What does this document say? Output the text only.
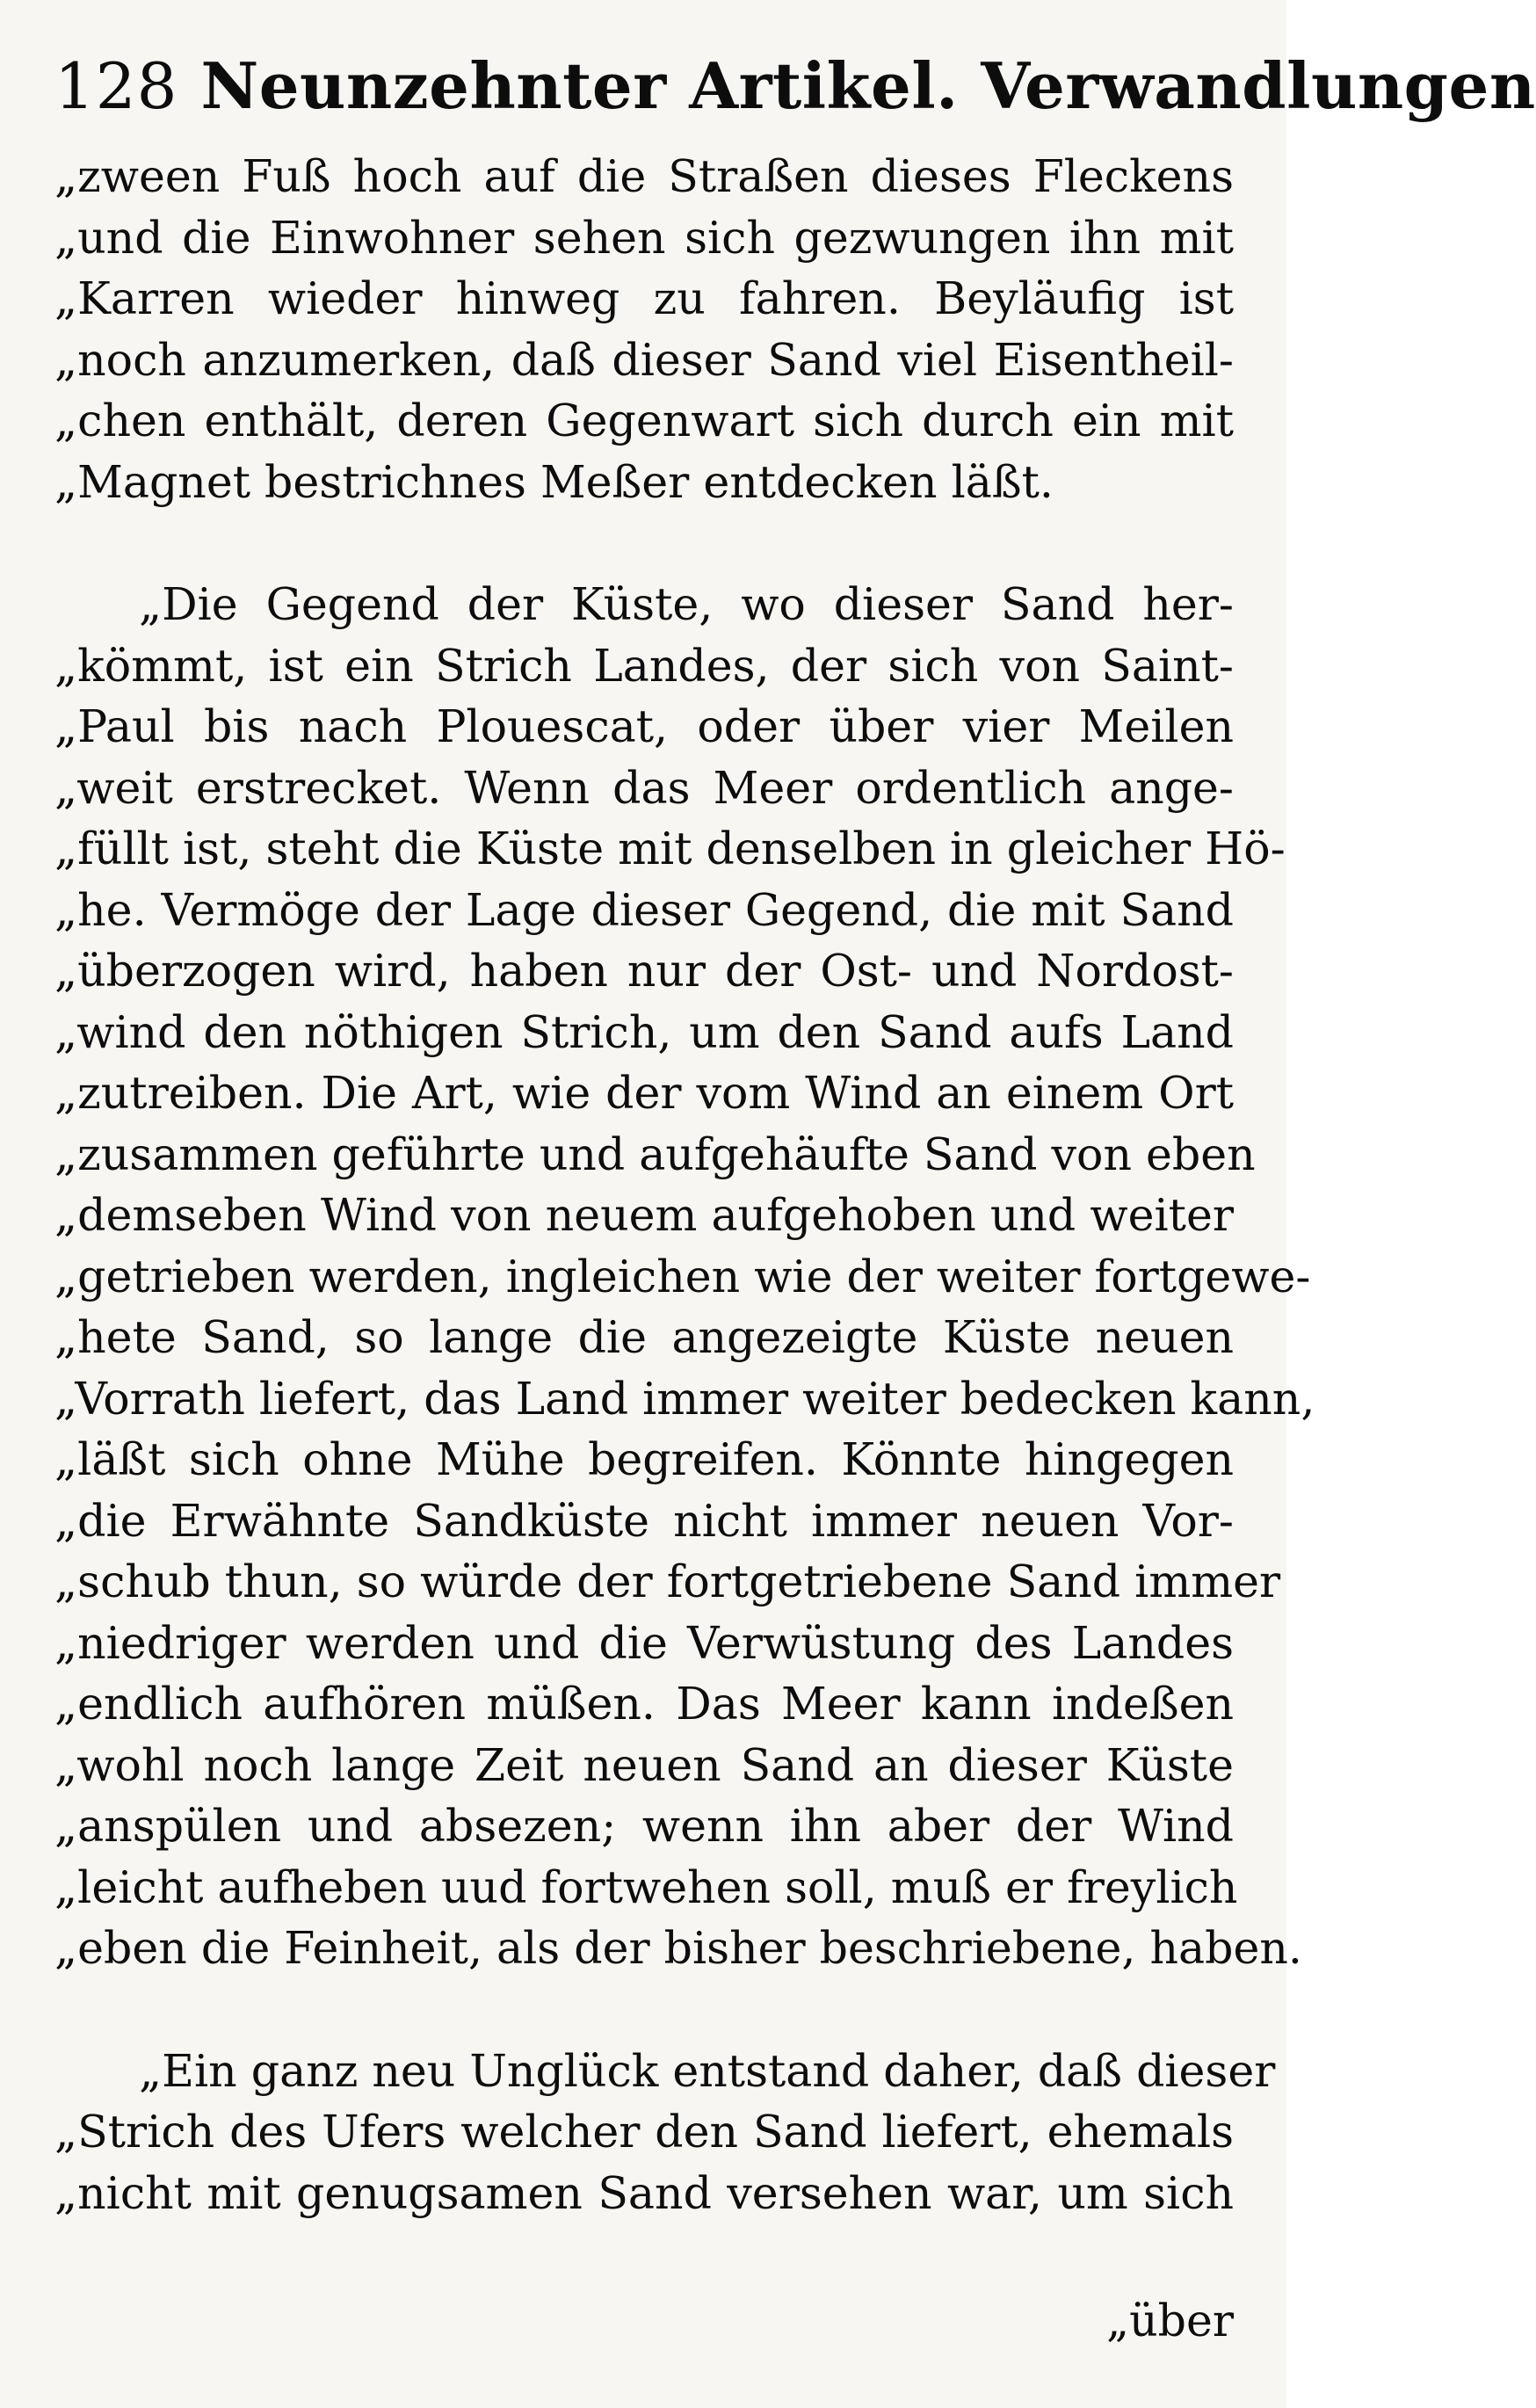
128 Neunzehnter Artikel. Verwandlungen
„zween Fuß hoch auf die Straßen dieses Fleckens
„und die Einwohner sehen sich gezwungen ihn mit
„Karren wieder hinweg zu fahren. Beyläufig ist
„noch anzumerken, daß dieser Sand viel Eisentheil-
„chen enthält, deren Gegenwart sich durch ein mit
„Magnet bestrichnes Meßer entdecken läßt.
„Die Gegend der Küste, wo dieser Sand her-
„kömmt, ist ein Strich Landes, der sich von Saint-
„Paul bis nach Plouescat, oder über vier Meilen
„weit erstrecket. Wenn das Meer ordentlich ange-
„füllt ist, steht die Küste mit denselben in gleicher Hö-
„he. Vermöge der Lage dieser Gegend, die mit Sand
„überzogen wird, haben nur der Ost- und Nordost-
„wind den nöthigen Strich, um den Sand aufs Land
„zutreiben. Die Art, wie der vom Wind an einem Ort
„zusammen geführte und aufgehäufte Sand von eben
„demseben Wind von neuem aufgehoben und weiter
„getrieben werden, ingleichen wie der weiter fortgewe-
„hete Sand, so lange die angezeigte Küste neuen
„Vorrath liefert, das Land immer weiter bedecken kann,
„läßt sich ohne Mühe begreifen. Könnte hingegen
„die Erwähnte Sandküste nicht immer neuen Vor-
„schub thun, so würde der fortgetriebene Sand immer
„niedriger werden und die Verwüstung des Landes
„endlich aufhören müßen. Das Meer kann indeßen
„wohl noch lange Zeit neuen Sand an dieser Küste
„anspülen und absezen; wenn ihn aber der Wind
„leicht aufheben uud fortwehen soll, muß er freylich
„eben die Feinheit, als der bisher beschriebene, haben.
„Ein ganz neu Unglück entstand daher, daß dieser
„Strich des Ufers welcher den Sand liefert, ehemals
„nicht mit genugsamen Sand versehen war, um sich
„über
